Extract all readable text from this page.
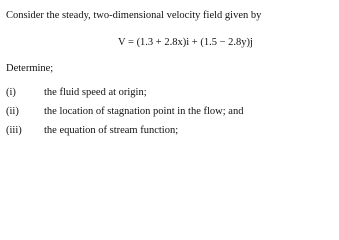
Consider the steady, two-dimensional velocity field given by
V = (1.3 + 2.8x)i + (1.5 − 2.8y)j
Determine;
(i)	the fluid speed at origin;
(ii) the location of stagnation point in the flow; and
(iii) the equation of stream function;
